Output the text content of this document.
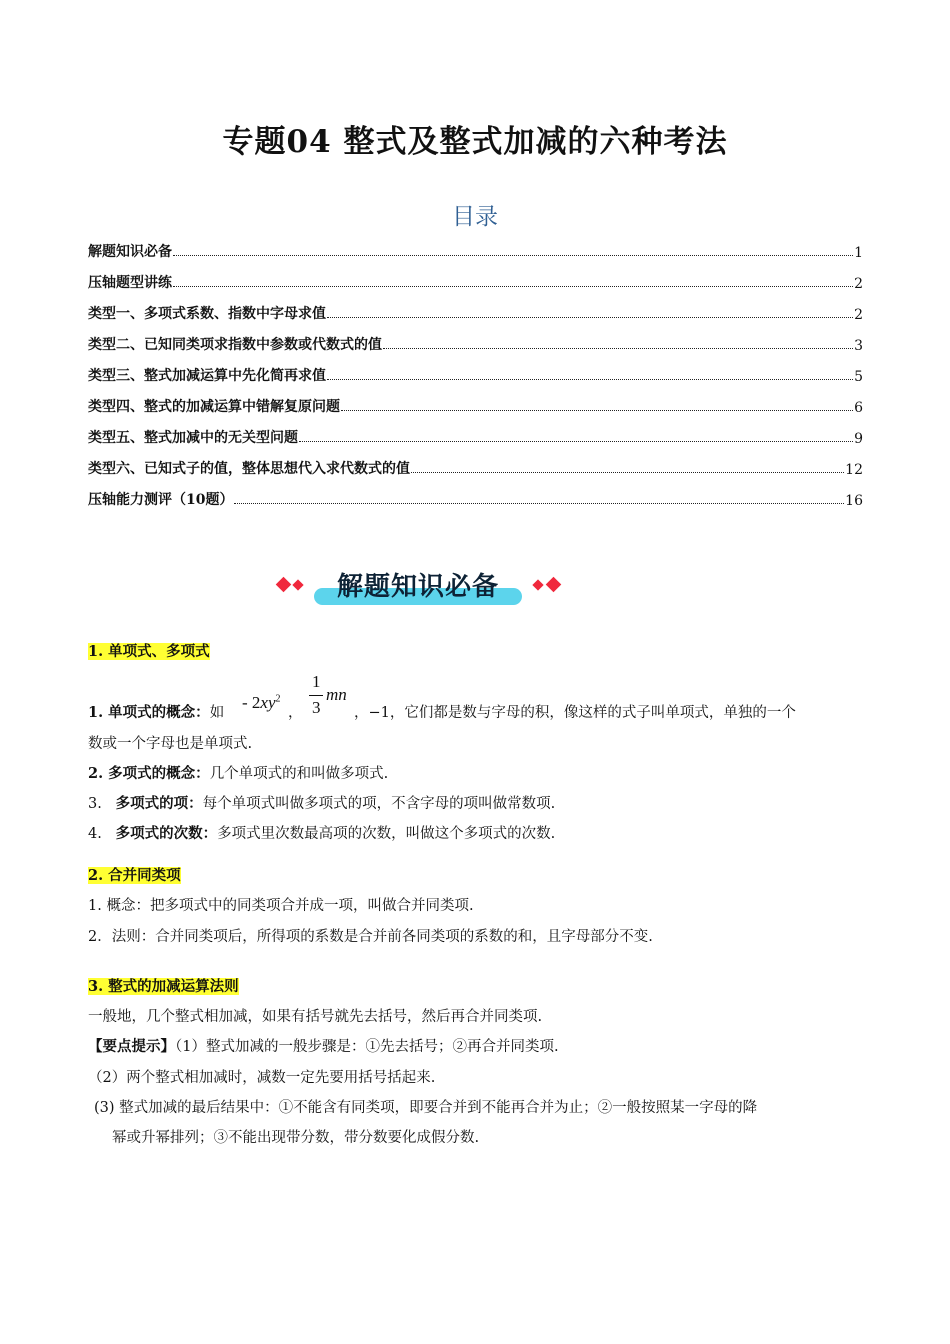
专题04 整式及整式加减的六种考法
目录
解题知识必备	1
压轴题型讲练	2
类型一、多项式系数、指数中字母求值	2
类型二、已知同类项求指数中参数或代数式的值	3
类型三、整式加减运算中先化简再求值	5
类型四、整式的加减运算中错解复原问题	6
类型五、整式加减中的无关型问题	9
类型六、已知式子的值，整体思想代入求代数式的值	12
压轴能力测评（10题）	16
解题知识必备
1. 单项式、多项式
1. 单项式的概念：如
- $2xy^2$
，
1
3
mn
，−1，它们都是数与字母的积，像这样的式子叫单项式，单独的一个
数或一个字母也是单项式.
2. 多项式的概念：几个单项式的和叫做多项式.
3. 多项式的项：每个单项式叫做多项式的项，不含字母的项叫做常数项.
4. 多项式的次数：多项式里次数最高项的次数，叫做这个多项式的次数.
2. 合并同类项
1. 概念：把多项式中的同类项合并成一项，叫做合并同类项.
2．法则：合并同类项后，所得项的系数是合并前各同类项的系数的和，且字母部分不变.
3. 整式的加减运算法则
一般地，几个整式相加减，如果有括号就先去括号，然后再合并同类项.
【要点提示】（1）整式加减的一般步骤是：①先去括号；②再合并同类项.
（2）两个整式相加减时，减数一定先要用括号括起来.
(3) 整式加减的最后结果中：①不能含有同类项，即要合并到不能再合并为止；②一般按照某一字母的降
幂或升幂排列；③不能出现带分数，带分数要化成假分数.
